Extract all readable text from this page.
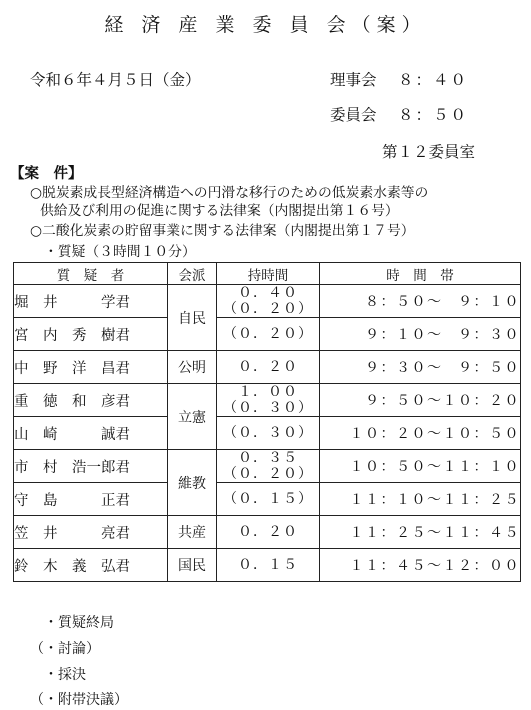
経 済 産 業 委 員 会（案）
令和６年４月５日（金）	理事会 ８：４０
委員会 ８：５０
第１２委員室
【案　件】
○脱炭素成長型経済構造への円滑な移行のための低炭素水素等の
供給及び利用の促進に関する法律案（内閣提出第１６号）
○二酸化炭素の貯留事業に関する法律案（内閣提出第１７号）
・質疑（３時間１０分）
質　疑　者	会派	持時間	時　間　帯
堀　井　　　学君	自民	０．４０
（０．２０）	８：５０～　９：１０
宮　内　秀　樹君		（０．２０）	９：１０～　９：３０
中　野　洋　昌君	公明	０．２０	９：３０～　９：５０
重　徳　和　彦君	立憲	１．００
（０．３０）	９：５０～１０：２０
山　崎　　　誠君		（０．３０）	１０：２０～１０：５０
市　村　浩一郎君	維教	０．３５
（０．２０）	１０：５０～１１：１０
守　島　　　正君		（０．１５）	１１：１０～１１：２５
笠　井　　　亮君	共産	０．２０	１１：２５～１１：４５
鈴　木　義　弘君	国民	０．１５	１１：４５～１２：００
・質疑終局
（・討論）
・採決
（・附帯決議）
